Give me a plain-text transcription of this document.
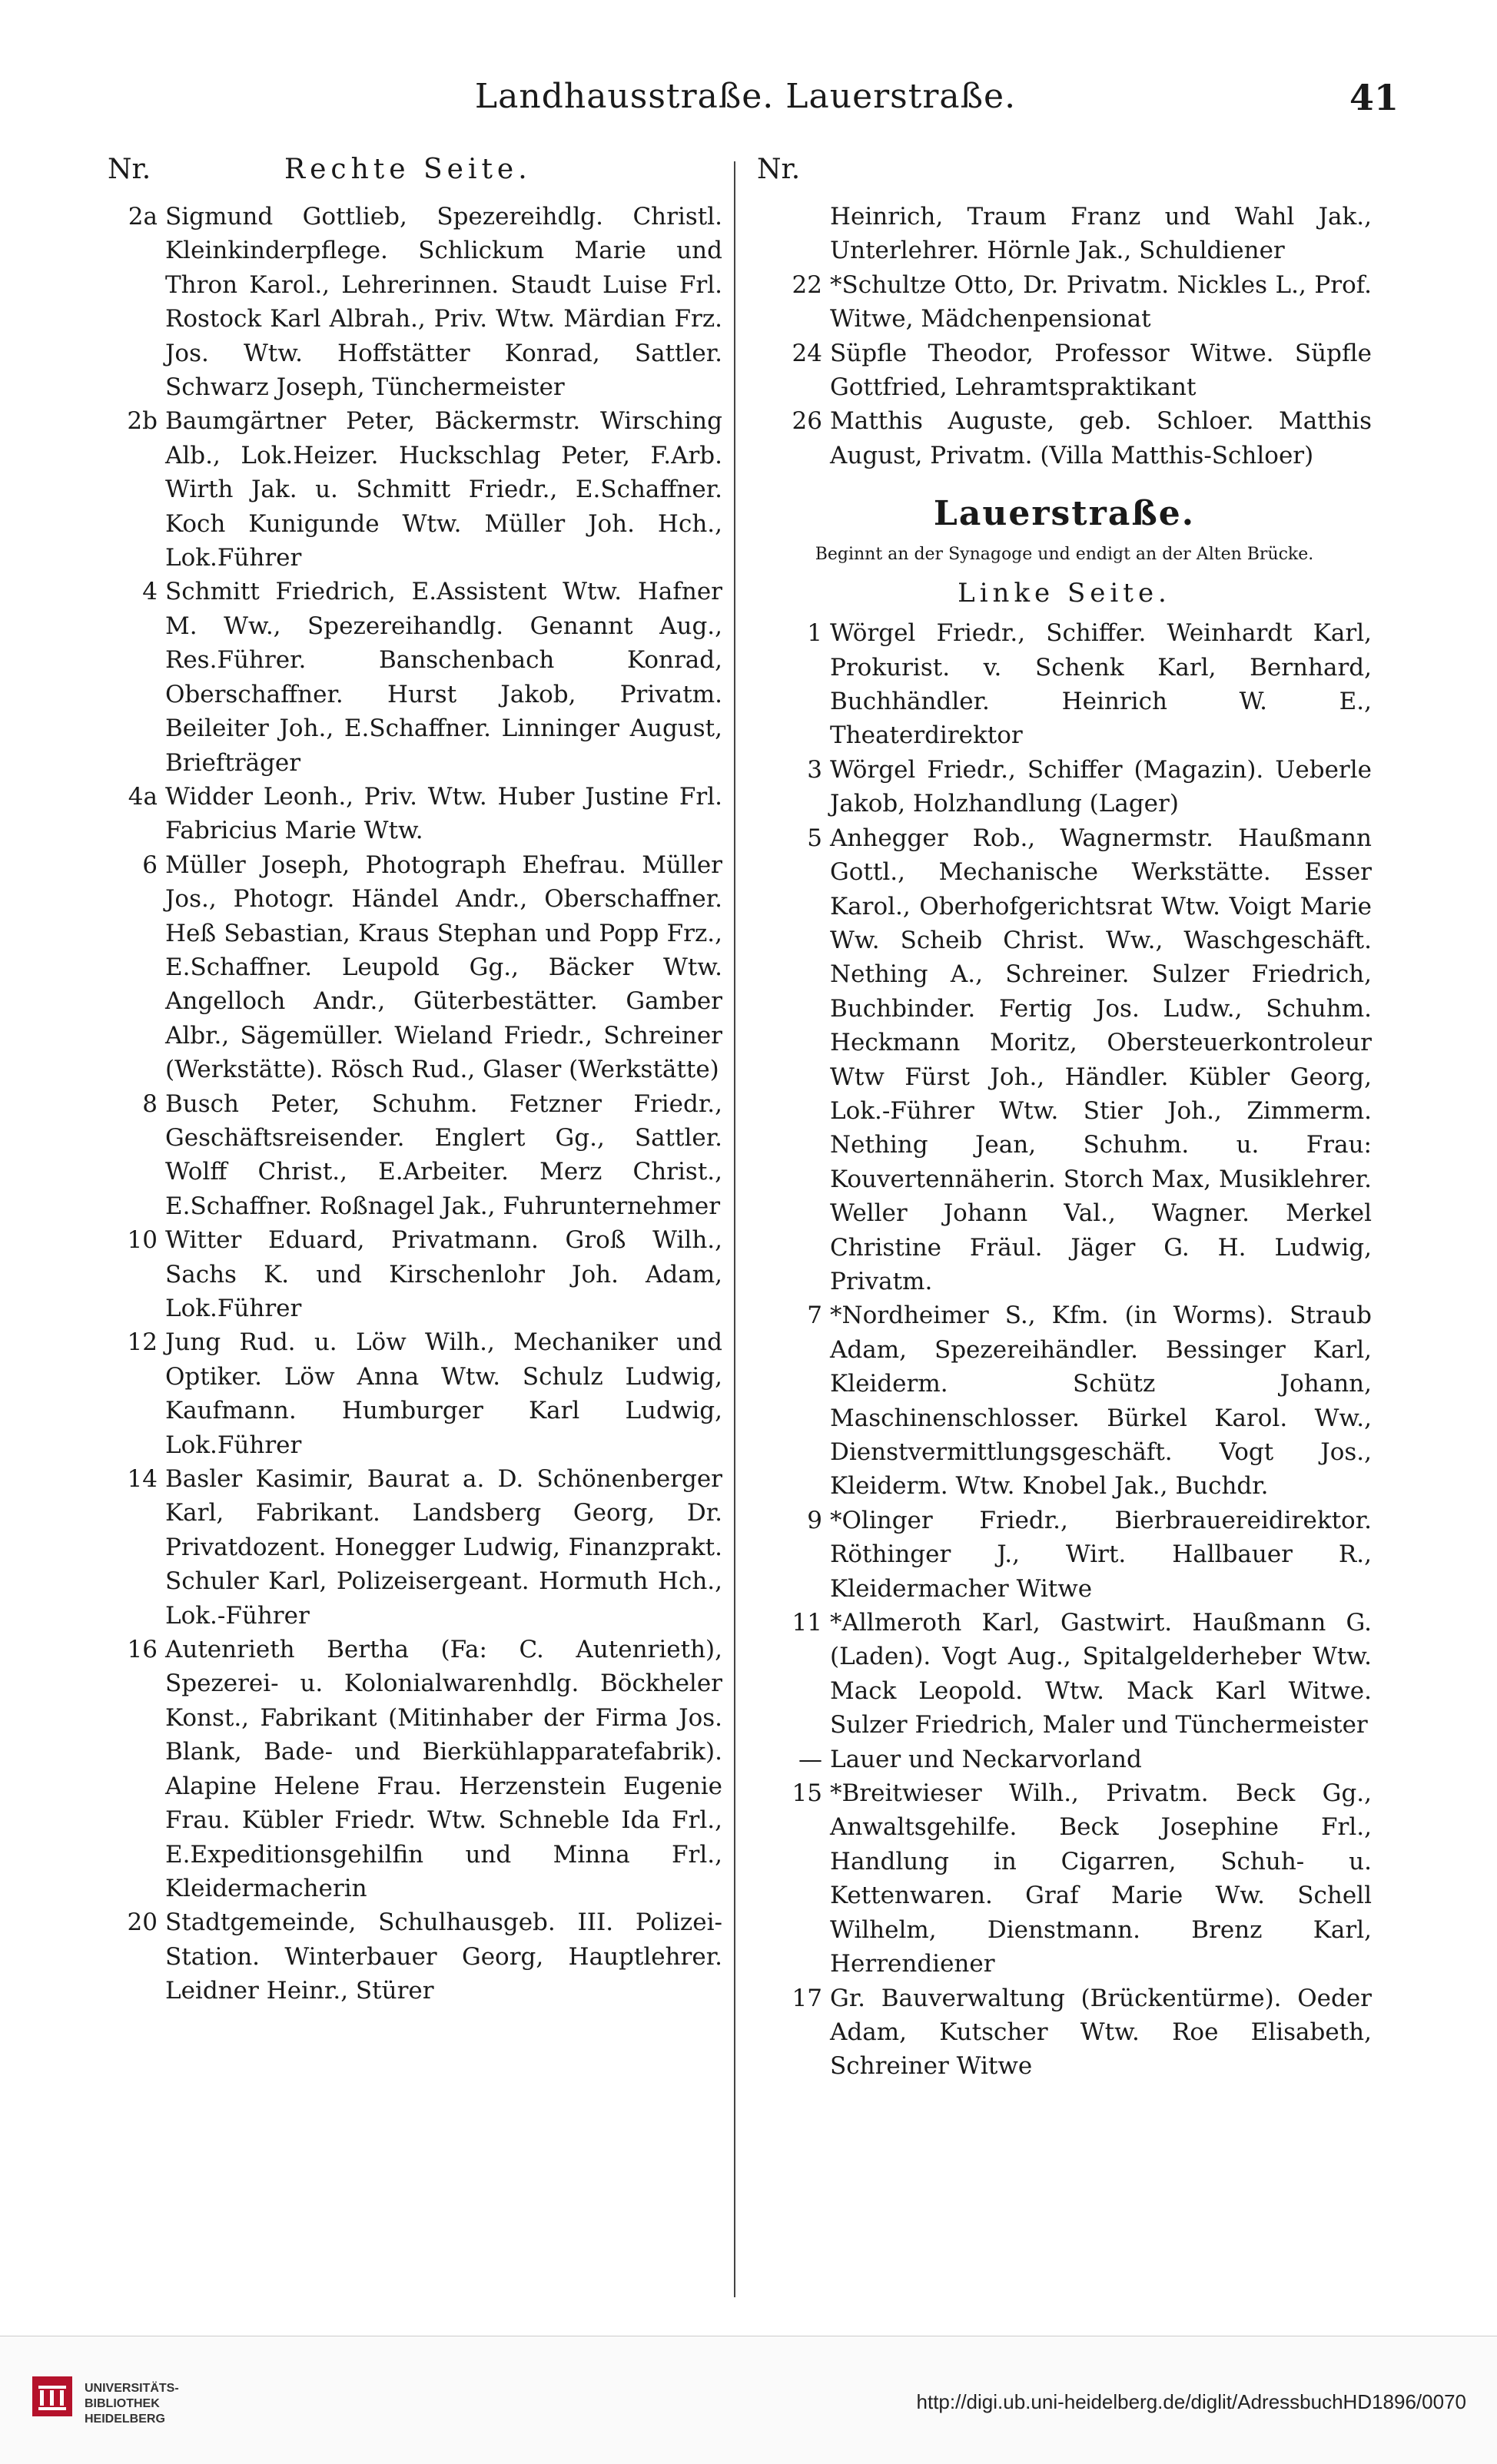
Landhausstraße. Lauerstraße.	41
Nr.	Rechte Seite.
2a Sigmund Gottlieb, Spezereihdlg. Christl. Kleinkinderpflege. Schlickum Marie und Thron Karol., Lehrerinnen. Staudt Luise Frl. Rostock Karl Albrah., Priv. Wtw. Märdian Frz. Jos. Wtw. Hoffstätter Konrad, Sattler. Schwarz Joseph, Tünchermeister
2b Baumgärtner Peter, Bäckermstr. Wirsching Alb., Lok.Heizer. Huckschlag Peter, F.Arb. Wirth Jak. u. Schmitt Friedr., E.Schaffner. Koch Kunigunde Wtw. Müller Joh. Hch., Lok.Führer
4 Schmitt Friedrich, E.Assistent Wtw. Hafner M. Ww., Spezereihandlg. Genannt Aug., Res.Führer. Banschenbach Konrad, Oberschaffner. Hurst Jakob, Privatm. Beileiter Joh., E.Schaffner. Linninger August, Briefträger
4a Widder Leonh., Priv. Wtw. Huber Justine Frl. Fabricius Marie Wtw.
6 Müller Joseph, Photograph Ehefrau. Müller Jos., Photogr. Händel Andr., Oberschaffner. Heß Sebastian, Kraus Stephan und Popp Frz., E.Schaffner. Leupold Gg., Bäcker Wtw. Angelloch Andr., Güterbestätter. Gamber Albr., Sägemüller. Wieland Friedr., Schreiner (Werkstätte). Rösch Rud., Glaser (Werkstätte)
8 Busch Peter, Schuhm. Fetzner Friedr., Geschäftsreisender. Englert Gg., Sattler. Wolff Christ., E.Arbeiter. Merz Christ., E.Schaffner. Roßnagel Jak., Fuhrunternehmer
10 Witter Eduard, Privatmann. Groß Wilh., Sachs K. und Kirschenlohr Joh. Adam, Lok.Führer
12 Jung Rud. u. Löw Wilh., Mechaniker und Optiker. Löw Anna Wtw. Schulz Ludwig, Kaufmann. Humburger Karl Ludwig, Lok.Führer
14 Basler Kasimir, Baurat a. D. Schönenberger Karl, Fabrikant. Landsberg Georg, Dr. Privatdozent. Honegger Ludwig, Finanzprakt. Schuler Karl, Polizeisergeant. Hormuth Hch., Lok.-Führer
16 Autenrieth Bertha (Fa: C. Autenrieth), Spezerei- u. Kolonialwarenhdlg. Böckheler Konst., Fabrikant (Mitinhaber der Firma Jos. Blank, Bade- und Bierkühlapparatefabrik). Alapine Helene Frau. Herzenstein Eugenie Frau. Kübler Friedr. Wtw. Schneble Ida Frl., E.Expeditionsgehilfin und Minna Frl., Kleidermacherin
20 Stadtgemeinde, Schulhausgeb. III. Polizei-Station. Winterbauer Georg, Hauptlehrer. Leidner Heinr., Stürer
Nr.
Heinrich, Traum Franz und Wahl Jak., Unterlehrer. Hörnle Jak., Schuldiener
22 *Schultze Otto, Dr. Privatm. Nickles L., Prof. Witwe, Mädchenpensionat
24 Süpfle Theodor, Professor Witwe. Süpfle Gottfried, Lehramtspraktikant
26 Matthis Auguste, geb. Schloer. Matthis August, Privatm. (Villa Matthis-Schloer)
Lauerstraße.
Beginnt an der Synagoge und endigt an der Alten Brücke.
Linke Seite.
1 Wörgel Friedr., Schiffer. Weinhardt Karl, Prokurist. v. Schenk Karl, Bernhard, Buchhändler. Heinrich W. E., Theaterdirektor
3 Wörgel Friedr., Schiffer (Magazin). Ueberle Jakob, Holzhandlung (Lager)
5 Anhegger Rob., Wagnermstr. Haußmann Gottl., Mechanische Werkstätte. Esser Karol., Oberhofgerichtsrat Wtw. Voigt Marie Ww. Scheib Christ. Ww., Waschgeschäft. Nething A., Schreiner. Sulzer Friedrich, Buchbinder. Fertig Jos. Ludw., Schuhm. Heckmann Moritz, Obersteuerkontroleur Wtw Fürst Joh., Händler. Kübler Georg, Lok.-Führer Wtw. Stier Joh., Zimmerm. Nething Jean, Schuhm. u. Frau: Kouvertennäherin. Storch Max, Musiklehrer. Weller Johann Val., Wagner. Merkel Christine Fräul. Jäger G. H. Ludwig, Privatm.
7 *Nordheimer S., Kfm. (in Worms). Straub Adam, Spezereihändler. Bessinger Karl, Kleiderm. Schütz Johann, Maschinenschlosser. Bürkel Karol. Ww., Dienstvermittlungsgeschäft. Vogt Jos., Kleiderm. Wtw. Knobel Jak., Buchdr.
9 *Olinger Friedr., Bierbrauereidirektor. Röthinger J., Wirt. Hallbauer R., Kleidermacher Witwe
11 *Allmeroth Karl, Gastwirt. Haußmann G. (Laden). Vogt Aug., Spitalgelderheber Wtw. Mack Leopold. Wtw. Mack Karl Witwe. Sulzer Friedrich, Maler und Tünchermeister
— Lauer und Neckarvorland
15 *Breitwieser Wilh., Privatm. Beck Gg., Anwaltsgehilfe. Beck Josephine Frl., Handlung in Cigarren, Schuh- u. Kettenwaren. Graf Marie Ww. Schell Wilhelm, Dienstmann. Brenz Karl, Herrendiener
17 Gr. Bauverwaltung (Brückentürme). Oeder Adam, Kutscher Wtw. Roe Elisabeth, Schreiner Witwe
UNIVERSITÄTS-
BIBLIOTHEK
HEIDELBERG
http://digi.ub.uni-heidelberg.de/diglit/AdressbuchHD1896/0070
